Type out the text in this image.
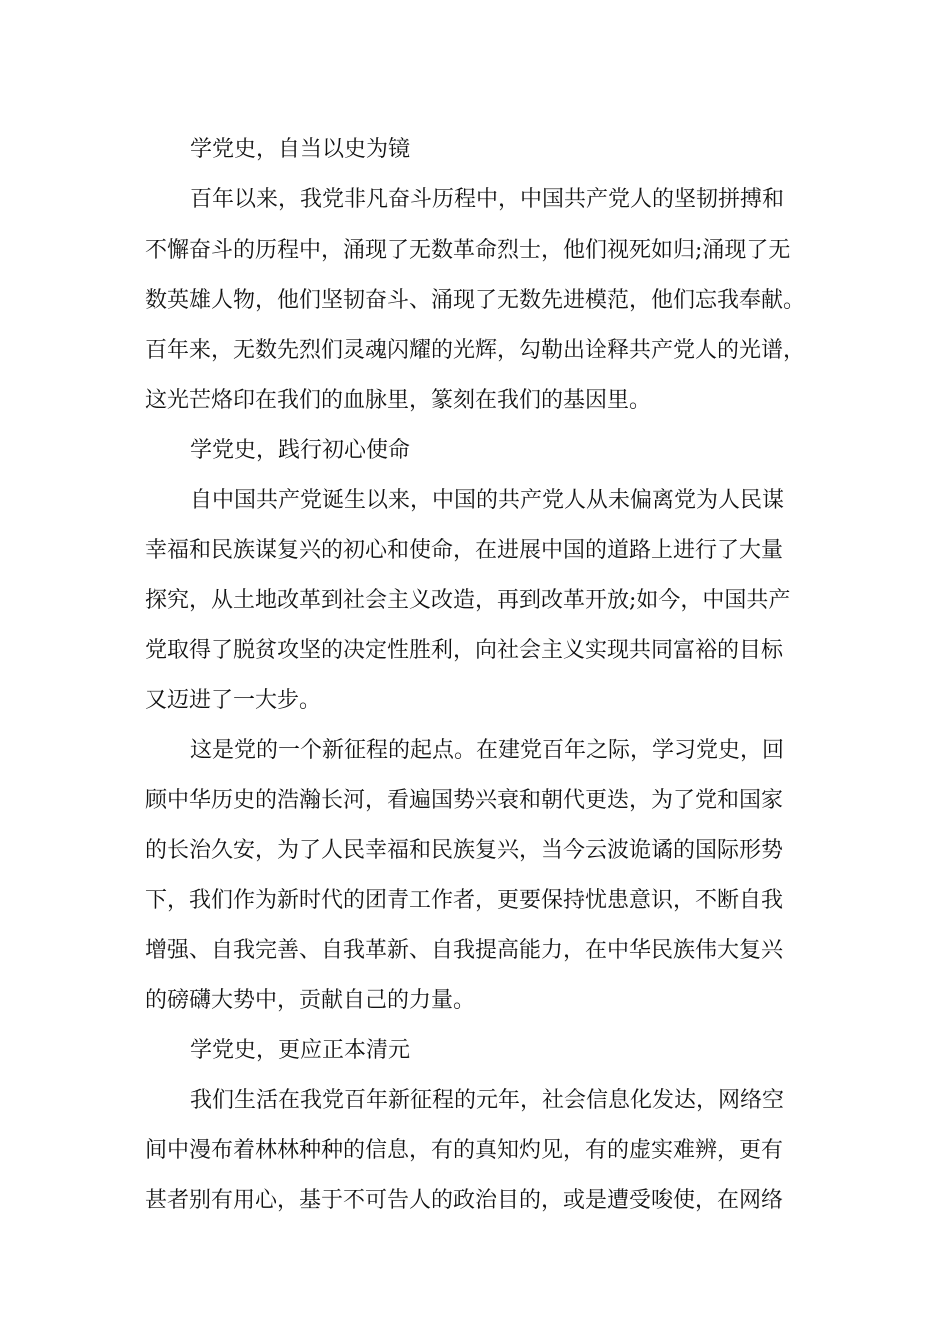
学党史，自当以史为镜

百年以来，我党非凡奋斗历程中，中国共产党人的坚韧拼搏和

不懈奋斗的历程中，涌现了无数革命烈士，他们视死如归;涌现了无

数英雄人物，他们坚韧奋斗、涌现了无数先进模范，他们忘我奉献。

百年来，无数先烈们灵魂闪耀的光辉，勾勒出诠释共产党人的光谱，

这光芒烙印在我们的血脉里，篆刻在我们的基因里。

学党史，践行初心使命

自中国共产党诞生以来，中国的共产党人从未偏离党为人民谋

幸福和民族谋复兴的初心和使命，在进展中国的道路上进行了大量

探究，从土地改革到社会主义改造，再到改革开放;如今，中国共产

党取得了脱贫攻坚的决定性胜利，向社会主义实现共同富裕的目标

又迈进了一大步。

这是党的一个新征程的起点。在建党百年之际，学习党史，回

顾中华历史的浩瀚长河，看遍国势兴衰和朝代更迭，为了党和国家

的长治久安，为了人民幸福和民族复兴，当今云波诡谲的国际形势

下，我们作为新时代的团青工作者，更要保持忧患意识，不断自我

增强、自我完善、自我革新、自我提高能力，在中华民族伟大复兴

的磅礴大势中，贡献自己的力量。

学党史，更应正本清元

我们生活在我党百年新征程的元年，社会信息化发达，网络空

间中漫布着林林种种的信息，有的真知灼见，有的虚实难辨，更有

甚者别有用心，基于不可告人的政治目的，或是遭受唆使，在网络
